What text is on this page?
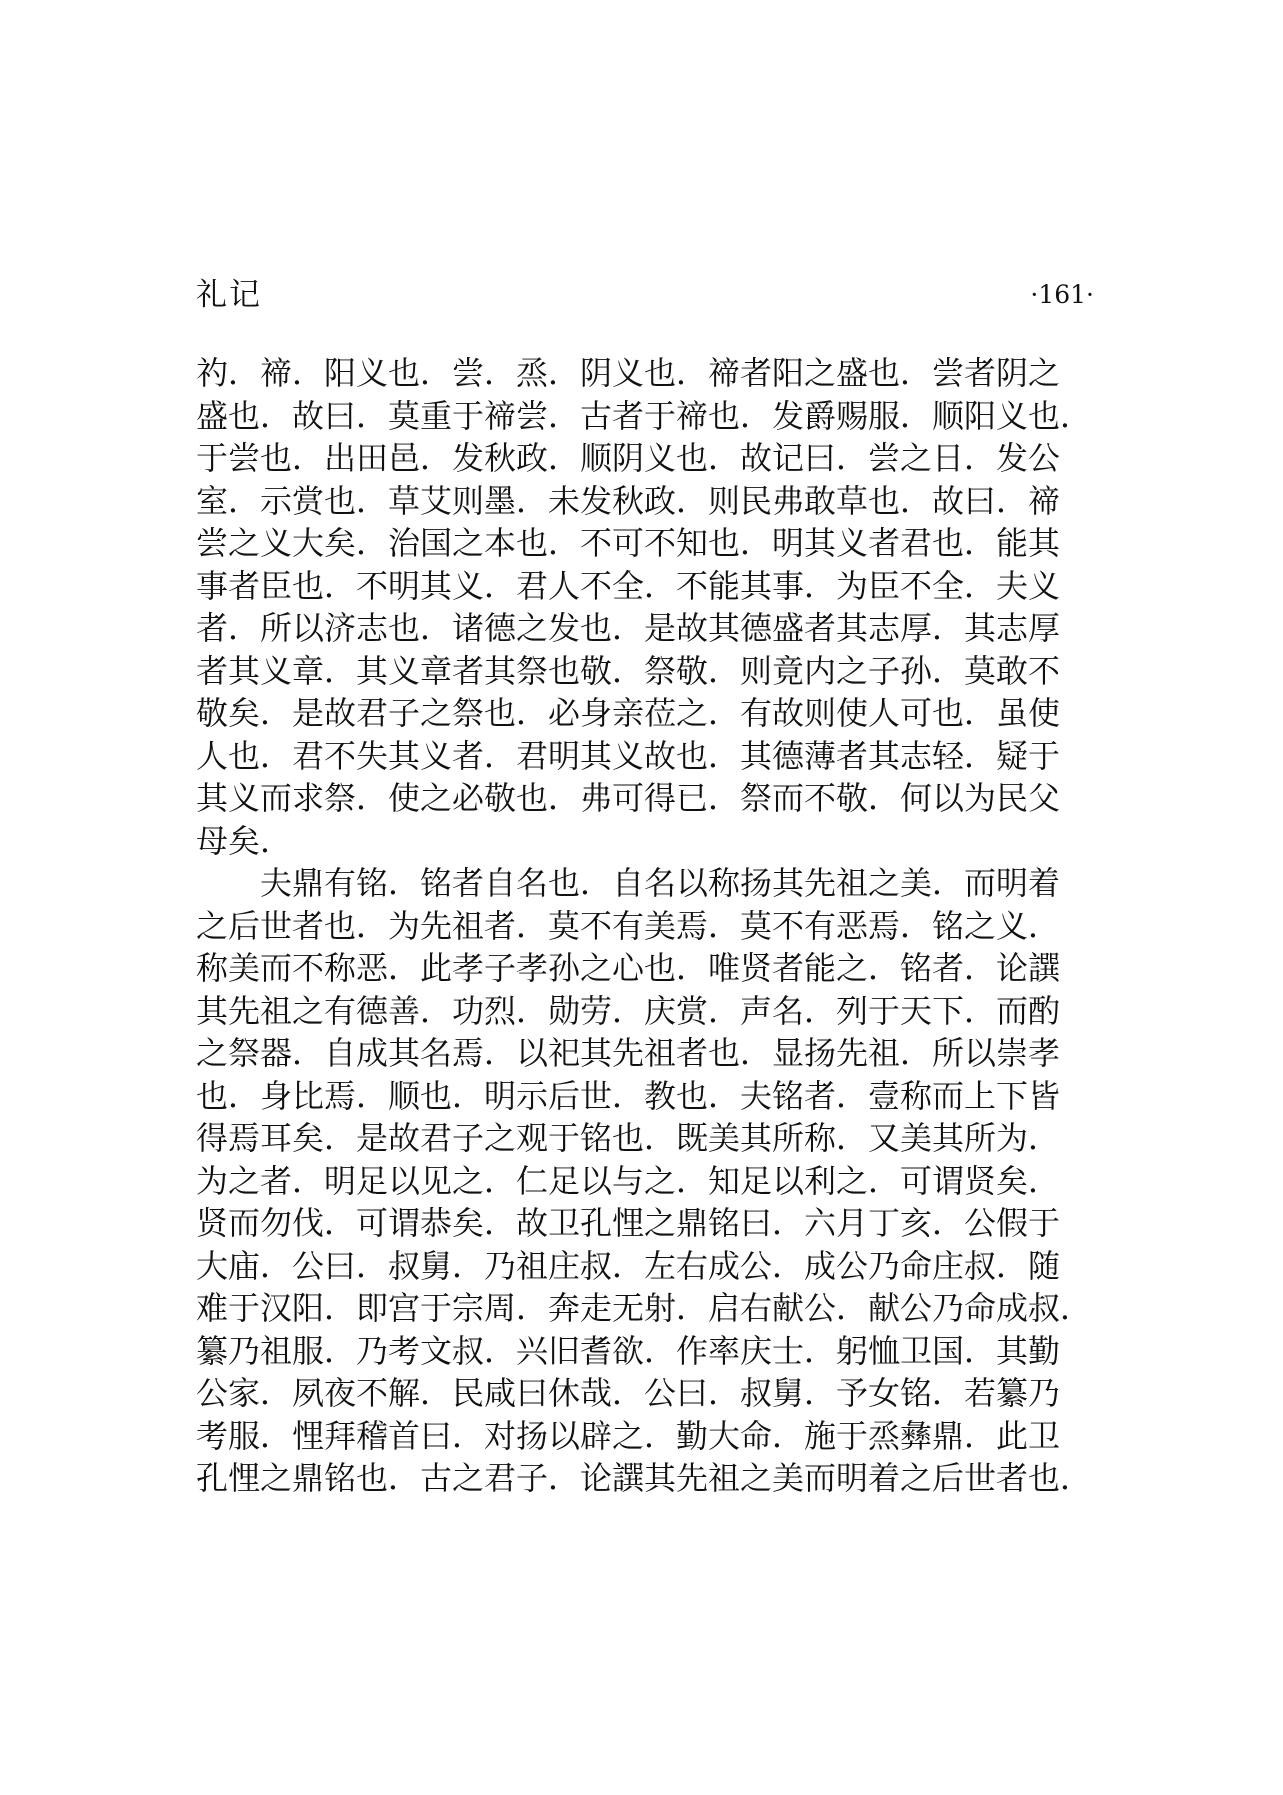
礼记	·161·
礿．禘．阳义也．尝．烝．阴义也．禘者阳之盛也．尝者阴之
盛也．故曰．莫重于禘尝．古者于禘也．发爵赐服．顺阳义也．
于尝也．出田邑．发秋政．顺阴义也．故记曰．尝之日．发公
室．示赏也．草艾则墨．未发秋政．则民弗敢草也．故曰．禘
尝之义大矣．治国之本也．不可不知也．明其义者君也．能其
事者臣也．不明其义．君人不全．不能其事．为臣不全．夫义
者．所以济志也．诸德之发也．是故其德盛者其志厚．其志厚
者其义章．其义章者其祭也敬．祭敬．则竟内之子孙．莫敢不
敬矣．是故君子之祭也．必身亲莅之．有故则使人可也．虽使
人也．君不失其义者．君明其义故也．其德薄者其志轻．疑于
其义而求祭．使之必敬也．弗可得已．祭而不敬．何以为民父
母矣．
　　夫鼎有铭．铭者自名也．自名以称扬其先祖之美．而明着
之后世者也．为先祖者．莫不有美焉．莫不有恶焉．铭之义．
称美而不称恶．此孝子孝孙之心也．唯贤者能之．铭者．论譔
其先祖之有德善．功烈．勋劳．庆赏．声名．列于天下．而酌
之祭器．自成其名焉．以祀其先祖者也．显扬先祖．所以崇孝
也．身比焉．顺也．明示后世．教也．夫铭者．壹称而上下皆
得焉耳矣．是故君子之观于铭也．既美其所称．又美其所为．
为之者．明足以见之．仁足以与之．知足以利之．可谓贤矣．
贤而勿伐．可谓恭矣．故卫孔悝之鼎铭曰．六月丁亥．公假于
大庙．公曰．叔舅．乃祖庄叔．左右成公．成公乃命庄叔．随
难于汉阳．即宫于宗周．奔走无射．启右献公．献公乃命成叔．
纂乃祖服．乃考文叔．兴旧耆欲．作率庆士．躬恤卫国．其勤
公家．夙夜不解．民咸曰休哉．公曰．叔舅．予女铭．若纂乃
考服．悝拜稽首曰．对扬以辟之．勤大命．施于烝彝鼎．此卫
孔悝之鼎铭也．古之君子．论譔其先祖之美而明着之后世者也．
